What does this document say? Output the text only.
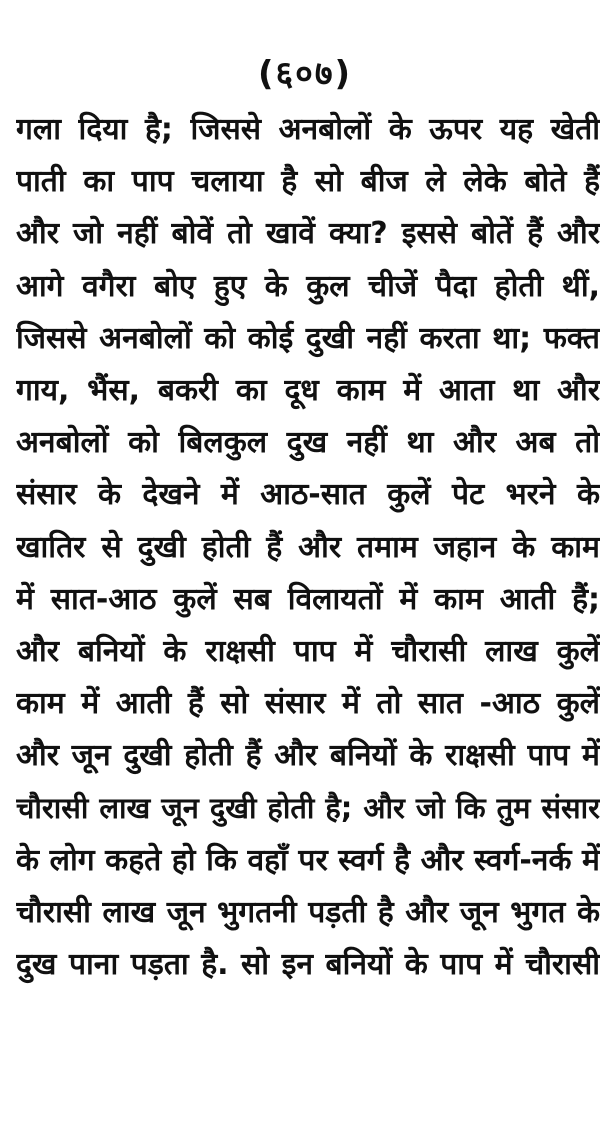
(६०७)
गला दिया है; जिससे अनबोलों के ऊपर यह खेती
पाती का पाप चलाया है सो बीज ले लेके बोते हैं
और जो नहीं बोवें तो खावें क्या? इससे बोतें हैं और
आगे वगैरा बोए हुए के कुल चीजें पैदा होती थीं,
जिससे अनबोलों को कोई दुखी नहीं करता था; फक्त
गाय, भैंस, बकरी का दूध काम में आता था और
अनबोलों को बिलकुल दुख नहीं था और अब तो
संसार के देखने में आठ-सात कुलें पेट भरने के
खातिर से दुखी होती हैं और तमाम जहान के काम
में सात-आठ कुलें सब विलायतों में काम आती हैं;
और बनियों के राक्षसी पाप में चौरासी लाख कुलें
काम में आती हैं सो संसार में तो सात -आठ कुलें
और जून दुखी होती हैं और बनियों के राक्षसी पाप में
चौरासी लाख जून दुखी होती है; और जो कि तुम संसार
के लोग कहते हो कि वहाँ पर स्वर्ग है और स्वर्ग-नर्क में
चौरासी लाख जून भुगतनी पड़ती है और जून भुगत के
दुख पाना पड़ता है. सो इन बनियों के पाप में चौरासी
